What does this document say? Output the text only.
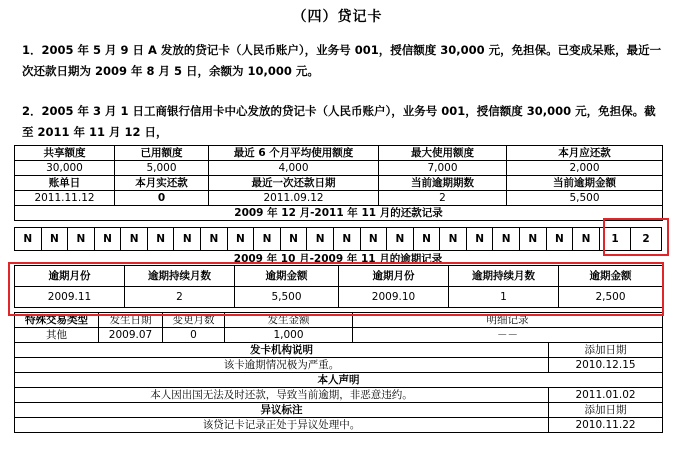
（四）贷记卡
1．2005 年 5 月 9 日 A 发放的贷记卡（人民币账户），业务号 001，授信额度 30,000 元，免担保。已变成呆账，最近一次还款日期为 2009 年 8 月 5 日，余额为 10,000 元。
2．2005 年 3 月 1 日工商银行信用卡中心发放的贷记卡（人民币账户），业务号 001，授信额度 30,000 元，免担保。截至 2011 年 11 月 12 日，
共享额度	已用额度	最近 6 个月平均使用额度	最大使用额度	本月应还款
30,000	5,000	4,000	7,000	2,000
账单日	本月实还款	最近一次还款日期	当前逾期期数	当前逾期金额
2011.11.12	0	2011.09.12	2	5,500
2009 年 12 月-2011 年 11 月的还款记录				
N	N	N	N	N	N	N	N	N	N	N	N	N	N	N	N	N	N	N	N	N	N	1	2
2009 年 10 月-2009 年 11 月的逾期记录
逾期月份	逾期持续月数	逾期金额	逾期月份	逾期持续月数	逾期金额
2009.11	2	5,500	2009.10	1	2,500
特殊交易类型	发生日期	变更月数	发生金额	明细记录	
其他	2009.07	0	1,000	－－	
发卡机构说明					添加日期
该卡逾期情况极为严重。					2010.12.15
本人声明					
本人因出国无法及时还款，导致当前逾期，非恶意违约。					2011.01.02
异议标注					添加日期
该贷记卡记录正处于异议处理中。					2010.11.22
